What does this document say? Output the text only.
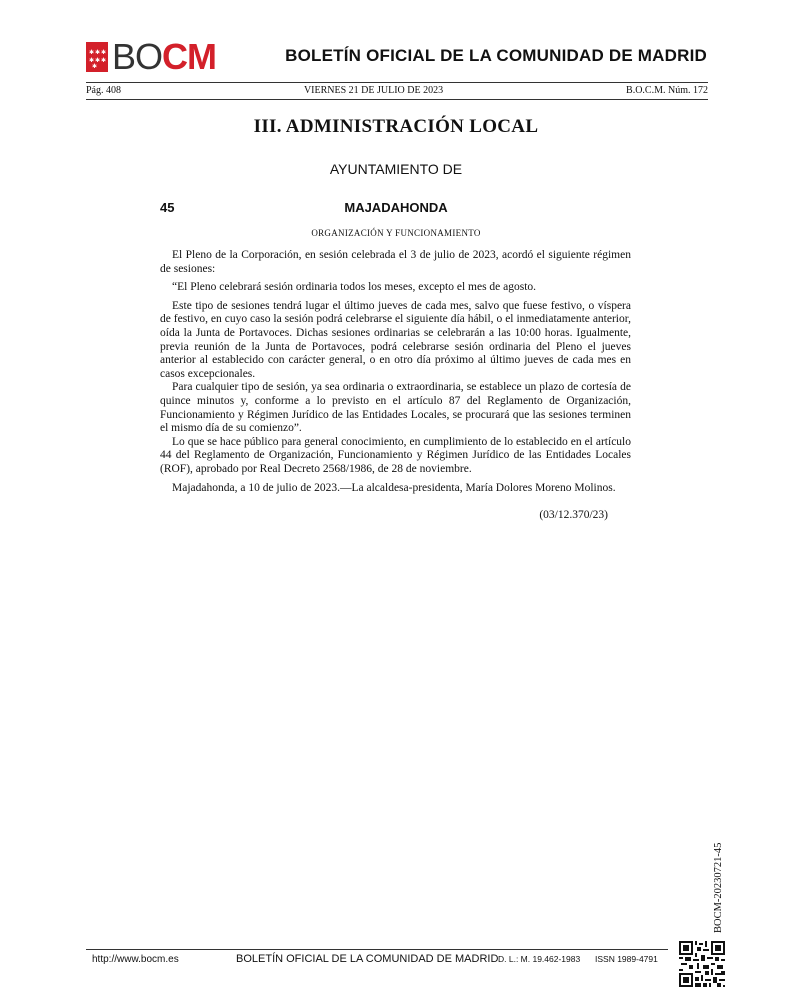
✱ ✱ ✱
✱ ✱ ✱
✱ BOCM	BOLETÍN OFICIAL DE LA COMUNIDAD DE MADRID
Pág. 408	VIERNES 21 DE JULIO DE 2023	B.O.C.M. Núm. 172
III. ADMINISTRACIÓN LOCAL
AYUNTAMIENTO DE
45	MAJADAHONDA
ORGANIZACIÓN Y FUNCIONAMIENTO

El Pleno de la Corporación, en sesión celebrada el 3 de julio de 2023, acordó el siguiente régimen de sesiones:

“El Pleno celebrará sesión ordinaria todos los meses, excepto el mes de agosto.

Este tipo de sesiones tendrá lugar el último jueves de cada mes, salvo que fuese festivo, o víspera de festivo, en cuyo caso la sesión podrá celebrarse el siguiente día hábil, o el inmediatamente anterior, oída la Junta de Portavoces. Dichas sesiones ordinarias se celebrarán a las 10:00 horas. Igualmente, previa reunión de la Junta de Portavoces, podrá celebrarse sesión ordinaria del Pleno el jueves anterior al establecido con carácter general, o en otro día próximo al último jueves de cada mes en casos excepcionales.

Para cualquier tipo de sesión, ya sea ordinaria o extraordinaria, se establece un plazo de cortesía de quince minutos y, conforme a lo previsto en el artículo 87 del Reglamento de Organización, Funcionamiento y Régimen Jurídico de las Entidades Locales, se procurará que las sesiones terminen el mismo día de su comienzo”.

Lo que se hace público para general conocimiento, en cumplimiento de lo establecido en el artículo 44 del Reglamento de Organización, Funcionamiento y Régimen Jurídico de las Entidades Locales (ROF), aprobado por Real Decreto 2568/1986, de 28 de noviembre.

Majadahonda, a 10 de julio de 2023.—La alcaldesa-presidenta, María Dolores Moreno Molinos.

(03/12.370/23)
BOCM-20230721-45
http://www.bocm.es	BOLETÍN OFICIAL DE LA COMUNIDAD DE MADRID D. L.: M. 19.462-1983 ISSN 1989-4791
